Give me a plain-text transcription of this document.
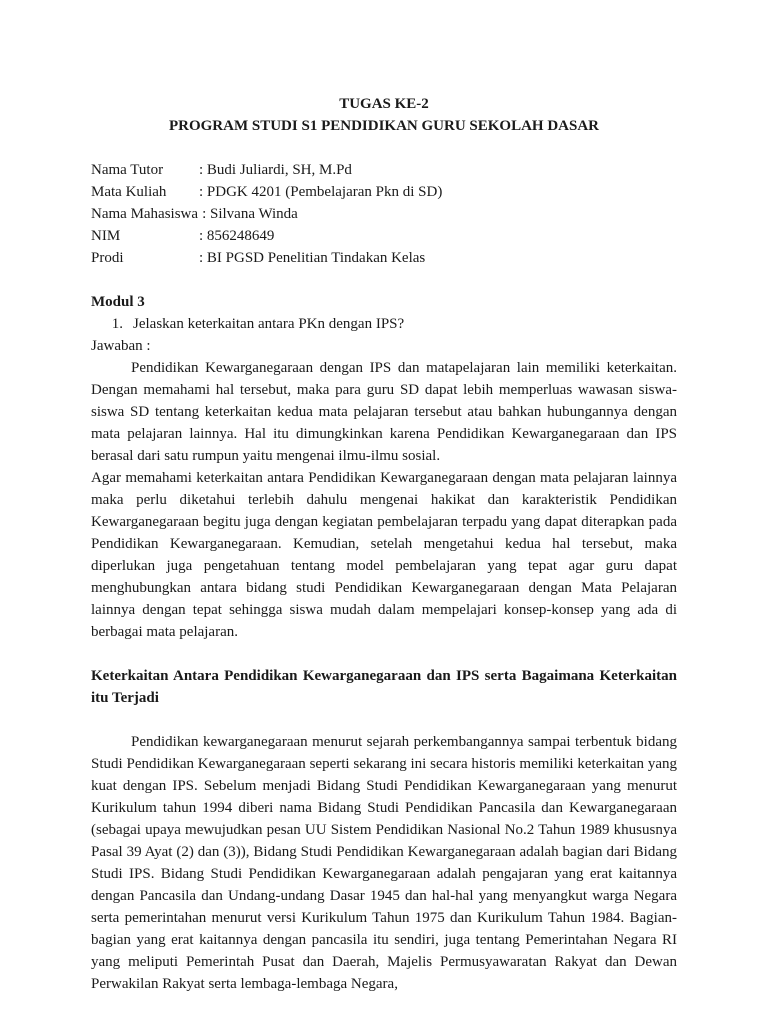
TUGAS KE-2

PROGRAM STUDI S1 PENDIDIKAN GURU SEKOLAH DASAR

Nama Tutor	: Budi Juliardi, SH, M.Pd
Mata Kuliah	: PDGK 4201 (Pembelajaran Pkn di SD)
Nama Mahasiswa : Silvana Winda
NIM	: 856248649
Prodi	: BI PGSD Penelitian Tindakan Kelas
Modul 3
1. Jelaskan keterkaitan antara PKn dengan IPS?
Jawaban :

Pendidikan Kewarganegaraan dengan IPS dan matapelajaran lain memiliki keterkaitan. Dengan memahami hal tersebut, maka para guru SD dapat lebih memperluas wawasan siswa-siswa SD tentang keterkaitan kedua mata pelajaran tersebut atau bahkan hubungannya dengan mata pelajaran lainnya. Hal itu dimungkinkan karena Pendidikan Kewarganegaraan dan IPS berasal dari satu rumpun yaitu mengenai ilmu-ilmu sosial.

Agar memahami keterkaitan antara Pendidikan Kewarganegaraan dengan mata pelajaran lainnya maka perlu diketahui terlebih dahulu mengenai hakikat dan karakteristik Pendidikan Kewarganegaraan begitu juga dengan kegiatan pembelajaran terpadu yang dapat diterapkan pada Pendidikan Kewarganegaraan. Kemudian, setelah mengetahui kedua hal tersebut, maka diperlukan juga pengetahuan tentang model pembelajaran yang tepat agar guru dapat menghubungkan antara bidang studi Pendidikan Kewarganegaraan dengan Mata Pelajaran lainnya dengan tepat sehingga siswa mudah dalam mempelajari konsep-konsep yang ada di berbagai mata pelajaran.

Keterkaitan Antara Pendidikan Kewarganegaraan dan IPS serta Bagaimana Keterkaitan itu Terjadi

Pendidikan kewarganegaraan menurut sejarah perkembangannya sampai terbentuk bidang Studi Pendidikan Kewarganegaraan seperti sekarang ini secara historis memiliki keterkaitan yang kuat dengan IPS. Sebelum menjadi Bidang Studi Pendidikan Kewarganegaraan yang menurut Kurikulum tahun 1994 diberi nama Bidang Studi Pendidikan Pancasila dan Kewarganegaraan (sebagai upaya mewujudkan pesan UU Sistem Pendidikan Nasional No.2 Tahun 1989 khususnya Pasal 39 Ayat (2) dan (3)), Bidang Studi Pendidikan Kewarganegaraan adalah bagian dari Bidang Studi IPS. Bidang Studi Pendidikan Kewarganegaraan adalah pengajaran yang erat kaitannya dengan Pancasila dan Undang-undang Dasar 1945 dan hal-hal yang menyangkut warga Negara serta pemerintahan menurut versi Kurikulum Tahun 1975 dan Kurikulum Tahun 1984. Bagian-bagian yang erat kaitannya dengan pancasila itu sendiri, juga tentang Pemerintahan Negara RI yang meliputi Pemerintah Pusat dan Daerah, Majelis Permusyawaratan Rakyat dan Dewan Perwakilan Rakyat serta lembaga-lembaga Negara,
